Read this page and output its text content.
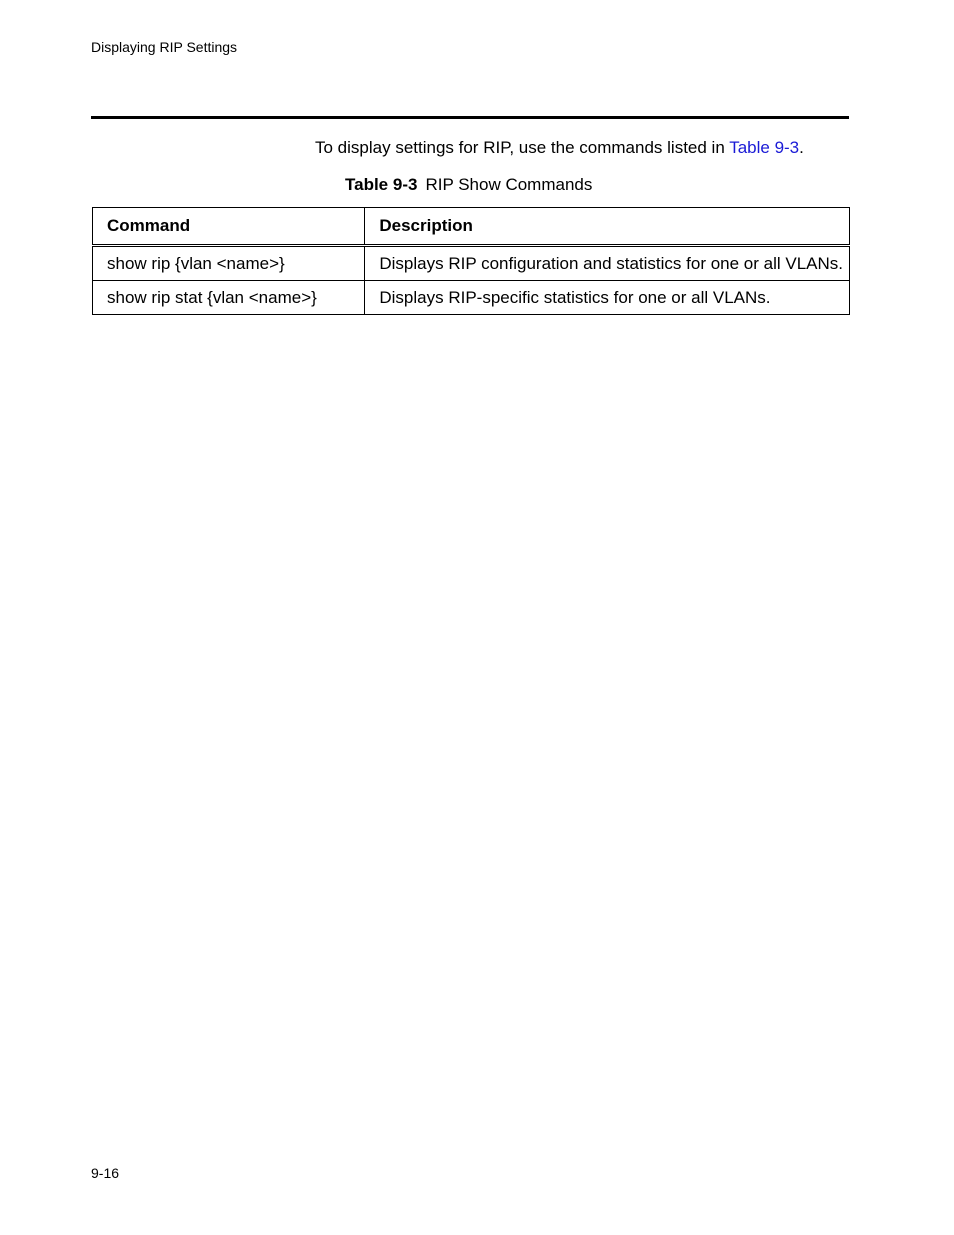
Displaying RIP Settings

To display settings for RIP, use the commands listed in Table 9-3.

Table 9-3 RIP Show Commands
Command	Description
show rip {vlan <name>}	Displays RIP configuration and statistics for one or all VLANs.
show rip stat {vlan <name>}	Displays RIP-specific statistics for one or all VLANs.
9-16
